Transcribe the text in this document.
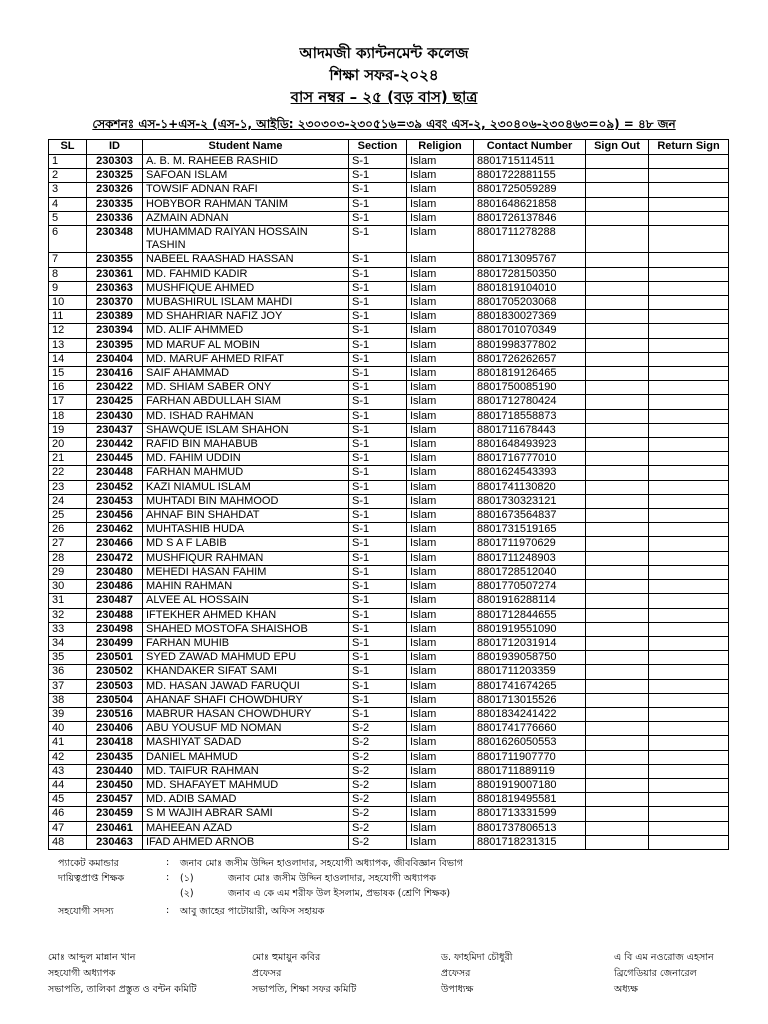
আদমজী ক্যান্টনমেন্ট কলেজ
শিক্ষা সফর-২০২৪
বাস নম্বর – ২৫ (বড় বাস) ছাত্র
সেকশনঃ এস-১+এস-২ (এস-১, আইডি: ২৩০৩০৩-২৩০৫১৬=৩৯ এবং এস-২, ২৩০৪০৬-২৩০৪৬৩=০৯) = ৪৮ জন
SL	ID	Student Name	Section	Religion	Contact Number	Sign Out	Return Sign
1	230303	A. B. M. RAHEEB RASHID	S-1	Islam	8801715114511		
2	230325	SAFOAN ISLAM	S-1	Islam	8801722881155		
3	230326	TOWSIF ADNAN RAFI	S-1	Islam	8801725059289		
4	230335	HOBYBOR RAHMAN TANIM	S-1	Islam	8801648621858		
5	230336	AZMAIN ADNAN	S-1	Islam	8801726137846		
6	230348	MUHAMMAD RAIYAN HOSSAIN TASHIN	S-1	Islam	8801711278288		
7	230355	NABEEL RAASHAD HASSAN	S-1	Islam	8801713095767		
8	230361	MD. FAHMID KADIR	S-1	Islam	8801728150350		
9	230363	MUSHFIQUE AHMED	S-1	Islam	8801819104010		
10	230370	MUBASHIRUL ISLAM MAHDI	S-1	Islam	8801705203068		
11	230389	MD SHAHRIAR NAFIZ JOY	S-1	Islam	8801830027369		
12	230394	MD. ALIF AHMMED	S-1	Islam	8801701070349		
13	230395	MD MARUF AL MOBIN	S-1	Islam	8801998377802		
14	230404	MD. MARUF AHMED RIFAT	S-1	Islam	8801726262657		
15	230416	SAIF AHAMMAD	S-1	Islam	8801819126465		
16	230422	MD. SHIAM SABER ONY	S-1	Islam	8801750085190		
17	230425	FARHAN ABDULLAH SIAM	S-1	Islam	8801712780424		
18	230430	MD. ISHAD RAHMAN	S-1	Islam	8801718558873		
19	230437	SHAWQUE ISLAM SHAHON	S-1	Islam	8801711678443		
20	230442	RAFID BIN MAHABUB	S-1	Islam	8801648493923		
21	230445	MD. FAHIM UDDIN	S-1	Islam	8801716777010		
22	230448	FARHAN MAHMUD	S-1	Islam	8801624543393		
23	230452	KAZI NIAMUL ISLAM	S-1	Islam	8801741130820		
24	230453	MUHTADI BIN MAHMOOD	S-1	Islam	8801730323121		
25	230456	AHNAF BIN SHAHDAT	S-1	Islam	8801673564837		
26	230462	MUHTASHIB HUDA	S-1	Islam	8801731519165		
27	230466	MD S A F LABIB	S-1	Islam	8801711970629		
28	230472	MUSHFIQUR RAHMAN	S-1	Islam	8801711248903		
29	230480	MEHEDI HASAN FAHIM	S-1	Islam	8801728512040		
30	230486	MAHIN RAHMAN	S-1	Islam	8801770507274		
31	230487	ALVEE AL HOSSAIN	S-1	Islam	8801916288114		
32	230488	IFTEKHER AHMED KHAN	S-1	Islam	8801712844655		
33	230498	SHAHED MOSTOFA SHAISHOB	S-1	Islam	8801919551090		
34	230499	FARHAN MUHIB	S-1	Islam	8801712031914		
35	230501	SYED ZAWAD MAHMUD EPU	S-1	Islam	8801939058750		
36	230502	KHANDAKER SIFAT SAMI	S-1	Islam	8801711203359		
37	230503	MD. HASAN JAWAD FARUQUI	S-1	Islam	8801741674265		
38	230504	AHANAF SHAFI CHOWDHURY	S-1	Islam	8801713015526		
39	230516	MABRUR HASAN CHOWDHURY	S-1	Islam	8801834241422		
40	230406	ABU YOUSUF MD NOMAN	S-2	Islam	8801741776660		
41	230418	MASHIYAT SADAD	S-2	Islam	8801626050553		
42	230435	DANIEL MAHMUD	S-2	Islam	8801711907770		
43	230440	MD. TAIFUR RAHMAN	S-2	Islam	8801711889119		
44	230450	MD. SHAFAYET MAHMUD	S-2	Islam	8801919007180		
45	230457	MD. ADIB SAMAD	S-2	Islam	8801819495581		
46	230459	S M WAJIH ABRAR SAMI	S-2	Islam	8801713331599		
47	230461	MAHEEAN AZAD	S-2	Islam	8801737806513		
48	230463	IFAD AHMED ARNOB	S-2	Islam	8801718231315		
প্যাকেট কমান্ডার	: জনাব মোঃ জসীম উদ্দিন হাওলাদার, সহযোগী অধ্যাপক, জীববিজ্ঞান বিভাগ
দায়িত্বপ্রাপ্ত শিক্ষক	: (১)	জনাব মোঃ জসীম উদ্দিন হাওলাদার, সহযোগী অধ্যাপক
(২)	জনাব এ কে এম শরীফ উল ইসলাম, প্রভাষক (শ্রেণি শিক্ষক)
সহযোগী সদস্য	: আবু জাহের পাটোয়ারী, অফিস সহায়ক
মোঃ আব্দুল মান্নান খান
সহযোগী অধ্যাপক
সভাপতি, তালিকা প্রস্তুত ও বন্টন কমিটি
মোঃ হুমায়ুন কবির
প্রফেসর
সভাপতি, শিক্ষা সফর কমিটি
ড. ফাহমিদা চৌধুরী
প্রফেসর
উপাধ্যক্ষ
এ বি এম নওরোজ এহসান
ব্রিগেডিয়ার জেনারেল
অধ্যক্ষ
